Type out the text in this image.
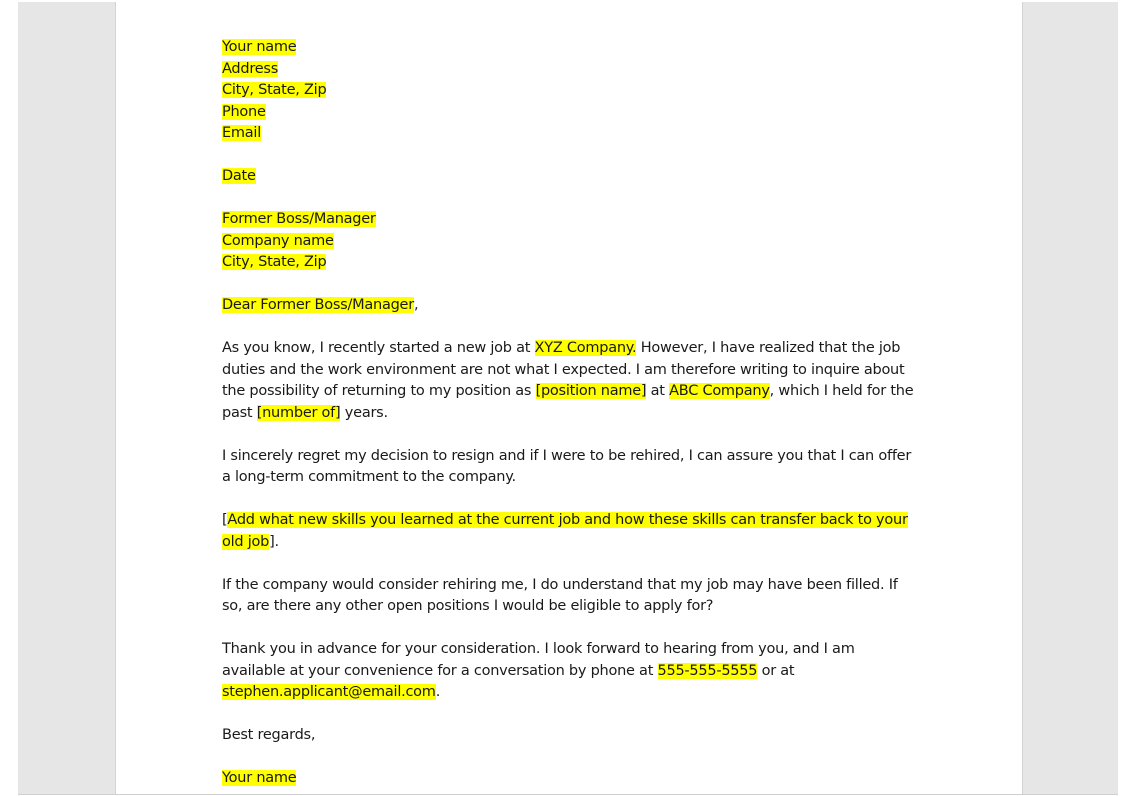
Your name
Address
City, State, Zip
Phone
Email

Date

Former Boss/Manager
Company name
City, State, Zip

Dear Former Boss/Manager,

As you know, I recently started a new job at XYZ Company. However, I have realized that the job duties and the work environment are not what I expected. I am therefore writing to inquire about the possibility of returning to my position as [position name] at ABC Company, which I held for the past [number of] years.

I sincerely regret my decision to resign and if I were to be rehired, I can assure you that I can offer a long-term commitment to the company.

[Add what new skills you learned at the current job and how these skills can transfer back to your old job].

If the company would consider rehiring me, I do understand that my job may have been filled. If so, are there any other open positions I would be eligible to apply for?

Thank you in advance for your consideration. I look forward to hearing from you, and I am available at your convenience for a conversation by phone at 555-555-5555 or at stephen.applicant@email.com.

Best regards,

Your name
